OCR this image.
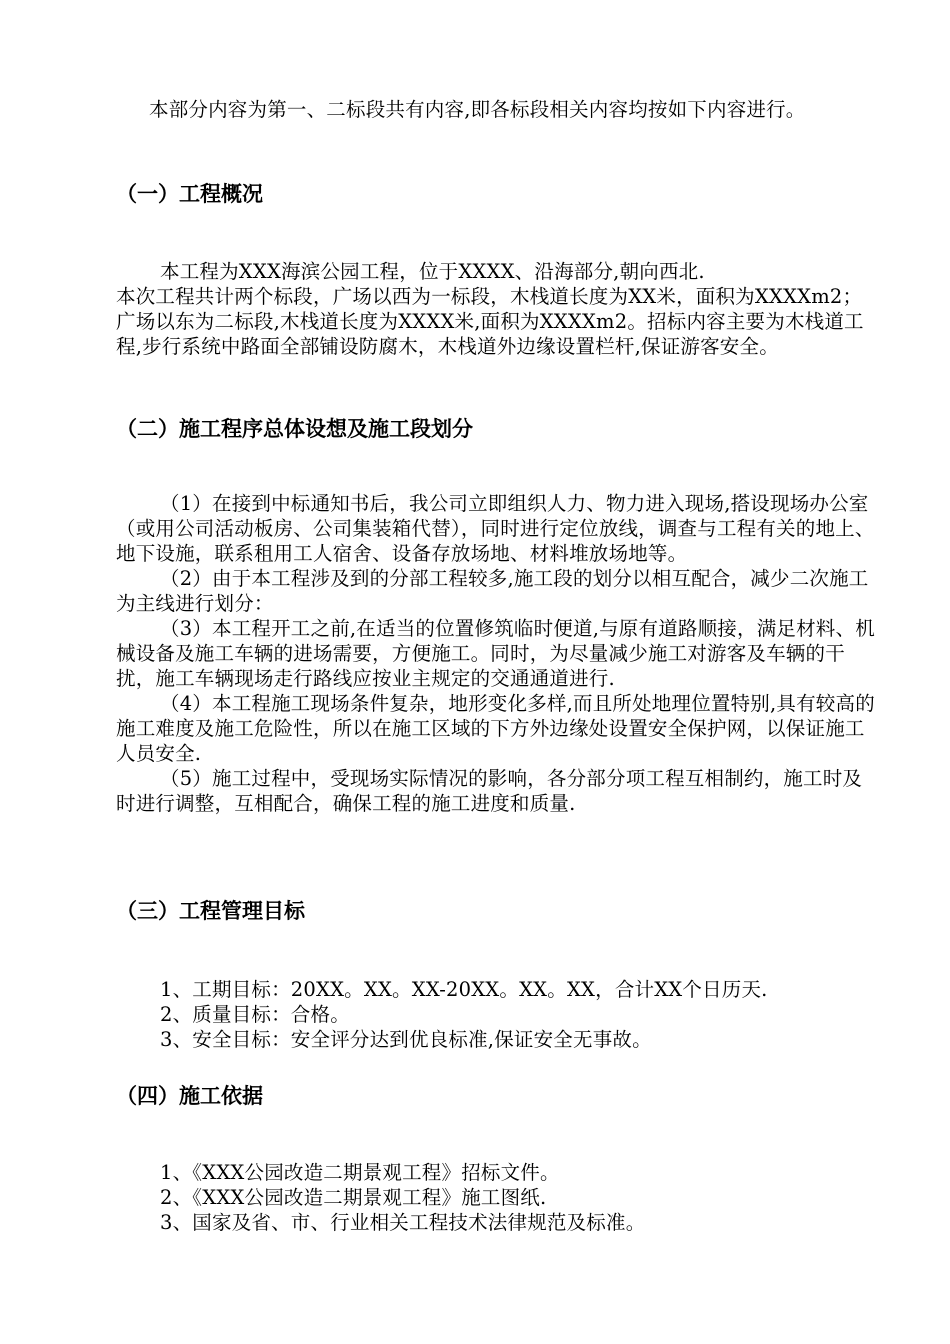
本部分内容为第一、二标段共有内容,即各标段相关内容均按如下内容进行。

（一）工程概况

本工程为XXX海滨公园工程，位于XXXX、沿海部分,朝向西北.

本次工程共计两个标段，广场以西为一标段，木栈道长度为XX米，面积为XXXXm2；广场以东为二标段,木栈道长度为XXXX米,面积为XXXXm2。招标内容主要为木栈道工程,步行系统中路面全部铺设防腐木，木栈道外边缘设置栏杆,保证游客安全。

（二）施工程序总体设想及施工段划分

（1）在接到中标通知书后，我公司立即组织人力、物力进入现场,搭设现场办公室（或用公司活动板房、公司集装箱代替），同时进行定位放线，调查与工程有关的地上、地下设施，联系租用工人宿舍、设备存放场地、材料堆放场地等。

（2）由于本工程涉及到的分部工程较多,施工段的划分以相互配合，减少二次施工为主线进行划分：

（3）本工程开工之前,在适当的位置修筑临时便道,与原有道路顺接，满足材料、机械设备及施工车辆的进场需要，方便施工。同时，为尽量减少施工对游客及车辆的干扰，施工车辆现场走行路线应按业主规定的交通通道进行.

（4）本工程施工现场条件复杂，地形变化多样,而且所处地理位置特别,具有较高的施工难度及施工危险性，所以在施工区域的下方外边缘处设置安全保护网，以保证施工人员安全.

（5）施工过程中，受现场实际情况的影响，各分部分项工程互相制约，施工时及时进行调整，互相配合，确保工程的施工进度和质量.

（三）工程管理目标

1、工期目标：20XX。XX。XX-20XX。XX。XX，合计XX个日历天.

2、质量目标：合格。

3、安全目标：安全评分达到优良标准,保证安全无事故。

（四）施工依据

1、《XXX公园改造二期景观工程》招标文件。

2、《XXX公园改造二期景观工程》施工图纸.

3、国家及省、市、行业相关工程技术法律规范及标准。
